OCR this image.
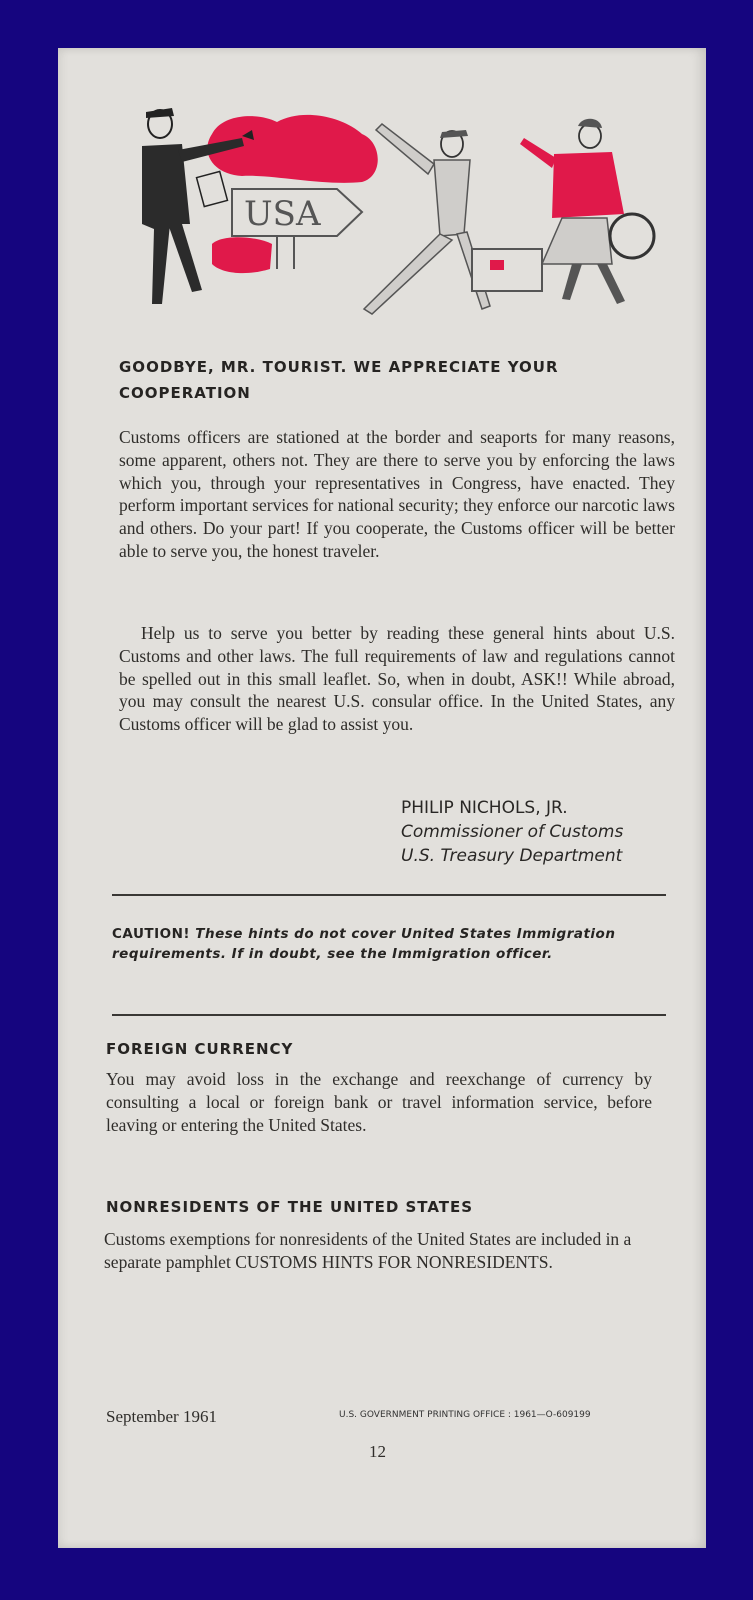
USA
GOODBYE, MR. TOURIST. WE APPRECIATE YOUR
COOPERATION
Customs officers are stationed at the border and seaports for many reasons, some apparent, others not. They are there to serve you by enforcing the laws which you, through your representatives in Congress, have enacted. They perform important services for national security; they enforce our narcotic laws and others. Do your part! If you cooperate, the Customs officer will be better able to serve you, the honest traveler.
Help us to serve you better by reading these general hints about U.S. Customs and other laws. The full requirements of law and regulations cannot be spelled out in this small leaflet. So, when in doubt, ASK!! While abroad, you may consult the nearest U.S. consular office. In the United States, any Customs officer will be glad to assist you.
PHILIP NICHOLS, JR.
Commissioner of Customs
U.S. Treasury Department
CAUTION! These hints do not cover United States Immigration requirements. If in doubt, see the Immigration officer.
FOREIGN CURRENCY
You may avoid loss in the exchange and reexchange of currency by consulting a local or foreign bank or travel information service, before leaving or entering the United States.
NONRESIDENTS OF THE UNITED STATES
Customs exemptions for nonresidents of the United States are included in a separate pamphlet CUSTOMS HINTS FOR NONRESIDENTS.
September 1961	U.S. GOVERNMENT PRINTING OFFICE : 1961—O-609199
12
